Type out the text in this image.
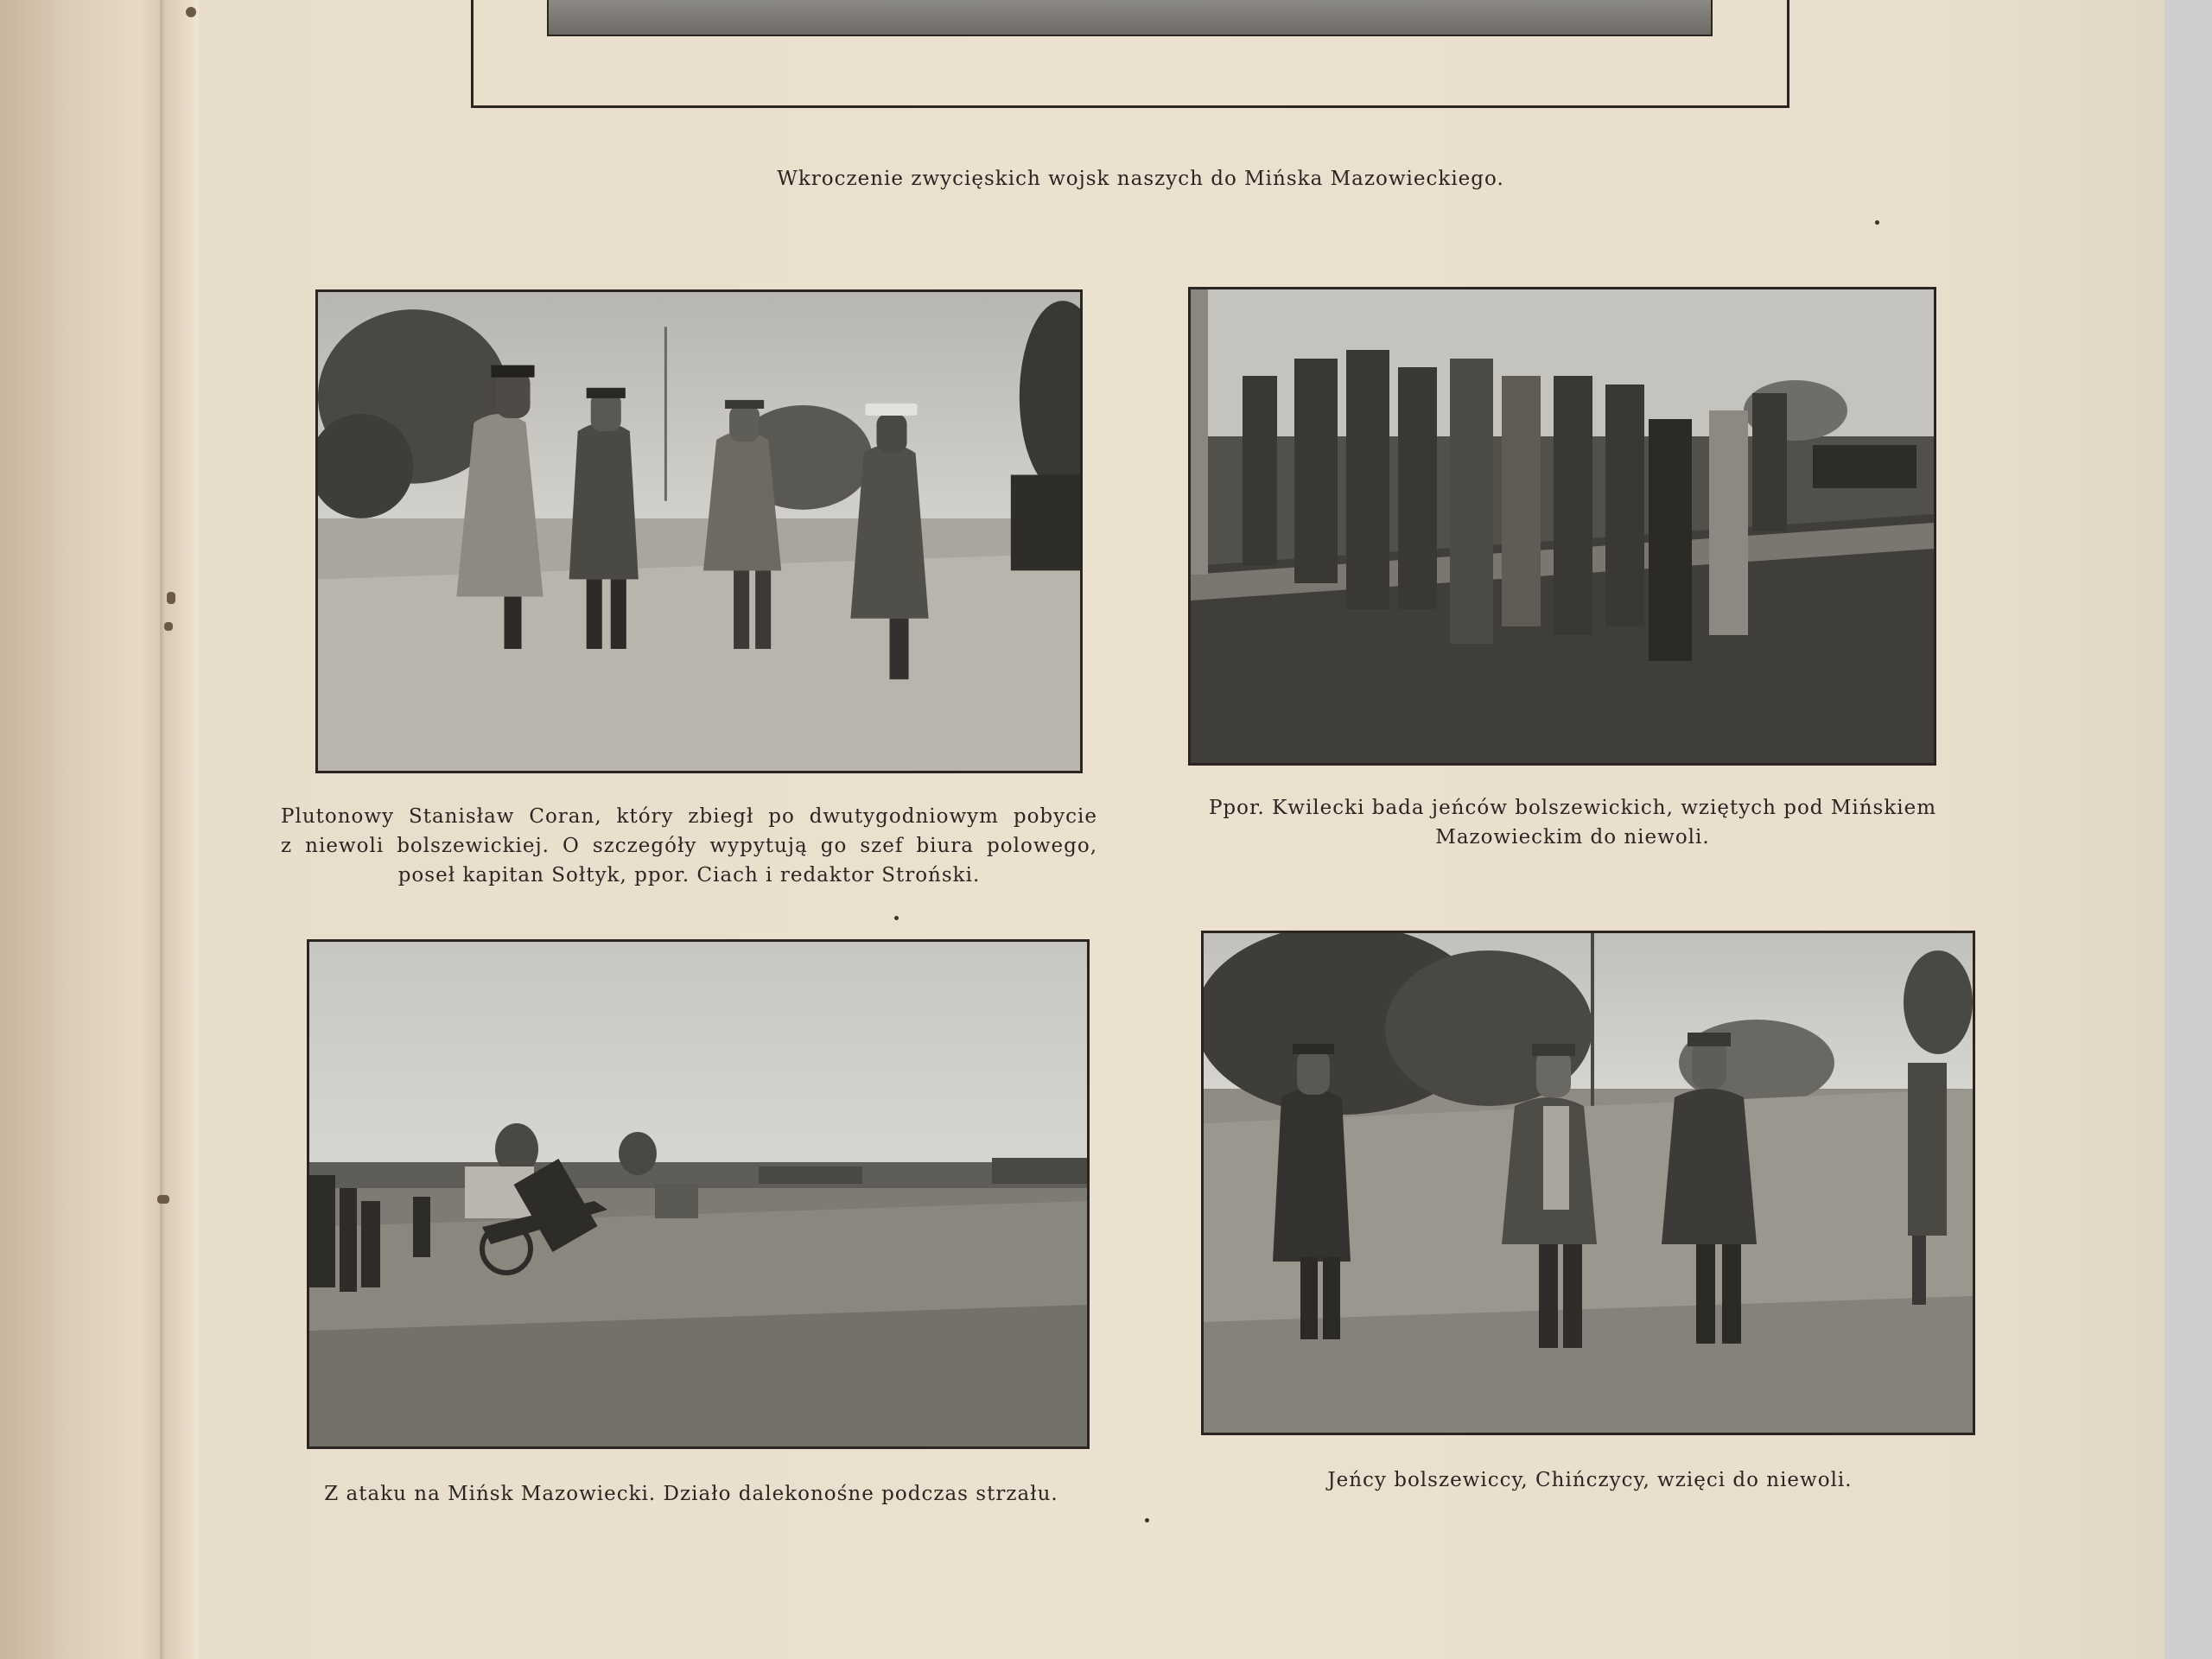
Wkroczenie zwycięskich wojsk naszych do Mińska Mazowieckiego.
Plutonowy Stanisław Coran, który zbiegł po dwutygodniowym pobycie
z niewoli bolszewickiej. O szczegóły wypytują go szef biura polowego,
poseł kapitan Sołtyk, ppor. Ciach i redaktor Stroński.
Ppor. Kwilecki bada jeńców bolszewickich, wziętych pod Mińskiem
Mazowieckim do niewoli.
Z ataku na Mińsk Mazowiecki. Działo dalekonośne podczas strzału.
Jeńcy bolszewiccy, Chińczycy, wzięci do niewoli.
